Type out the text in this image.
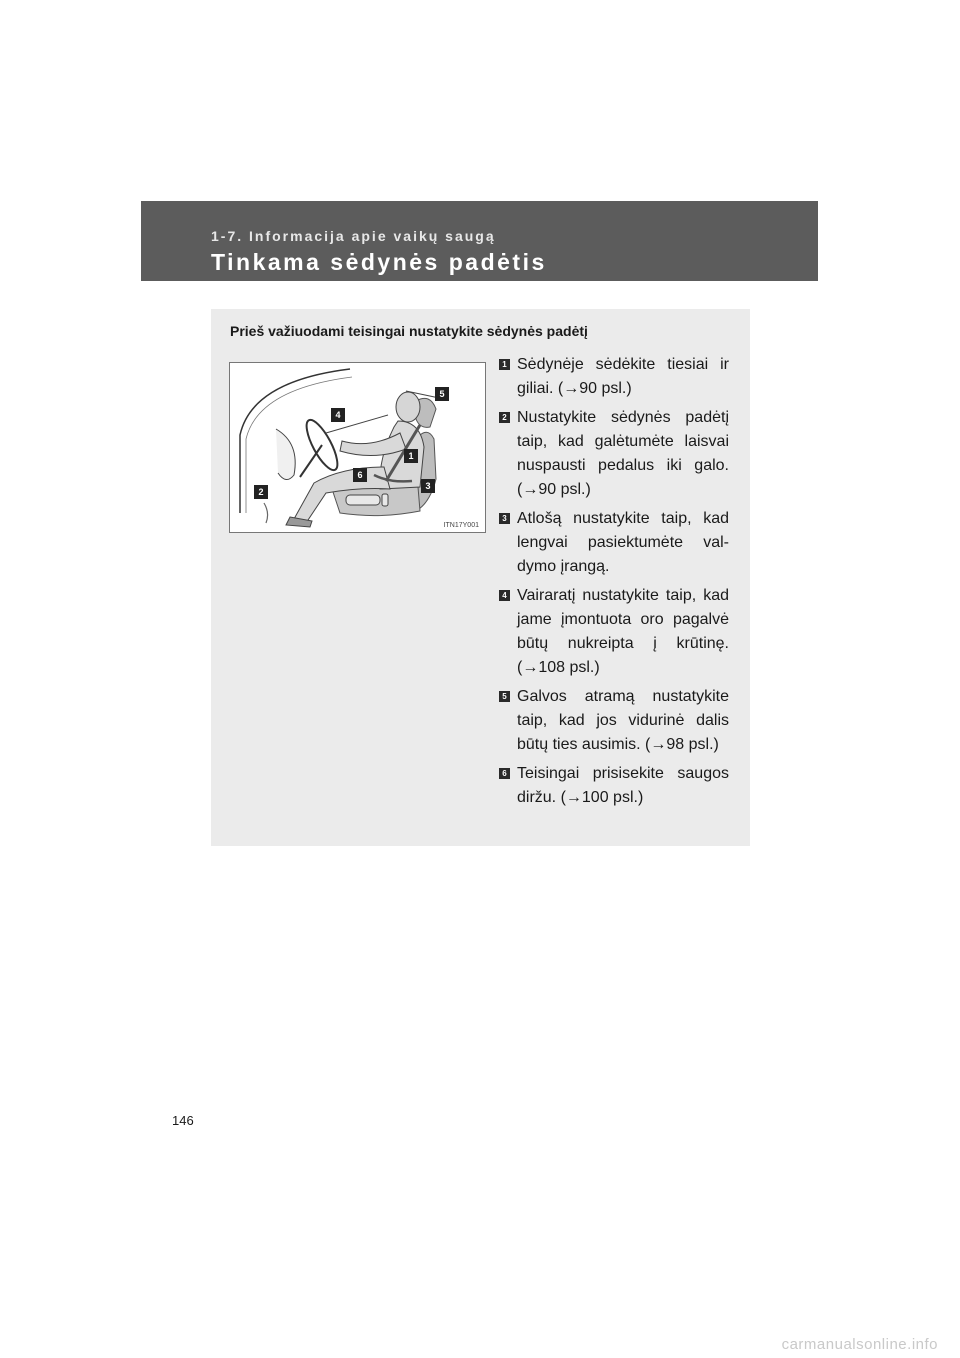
1-7. Informacija apie vaikų saugą
Tinkama sėdynės padėtis
Prieš važiuodami teisingai nustatykite sėdynės padėtį
5
4
1
6
3
2
ITN17Y001
1 Sėdynėje sėdėkite tiesiai ir giliai. (→90 psl.)
2 Nustatykite sėdynės padėtį taip, kad galėtumėte laisvai nuspausti pedalus iki galo. (→90 psl.)
3 Atlošą nustatykite taip, kad lengvai pasiektumėte val-dymo įrangą.
4 Vairaratį nustatykite taip, kad jame įmontuota oro pagalvė būtų nukreipta į krūtinę. (→108 psl.)
5 Galvos atramą nustatykite taip, kad jos vidurinė dalis būtų ties ausimis. (→98 psl.)
6 Teisingai prisisekite saugos diržu. (→100 psl.)
146
carmanualsonline.info
